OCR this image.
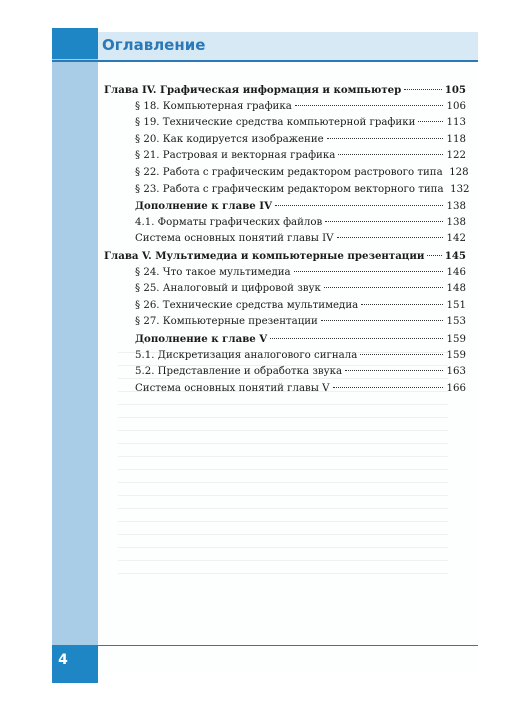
Оглавление
Глава IV. Графическая информация и компьютер	105
§ 18. Компьютерная графика	106
§ 19. Технические средства компьютерной графики	113
§ 20. Как кодируется изображение	118
§ 21. Растровая и векторная графика	122
§ 22. Работа с графическим редактором растрового типа 128
§ 23. Работа с графическим редактором векторного типа 132
Дополнение к главе IV	138
4.1. Форматы графических файлов	138
Система основных понятий главы IV	142
Глава V. Мультимедиа и компьютерные презентации 145
§ 24. Что такое мультимедиа	146
§ 25. Аналоговый и цифровой звук	148
§ 26. Технические средства мультимедиа	151
§ 27. Компьютерные презентации	153
Дополнение к главе V	159
5.1. Дискретизация аналогового сигнала	159
5.2. Представление и обработка звука	163
Система основных понятий главы V	166
4
